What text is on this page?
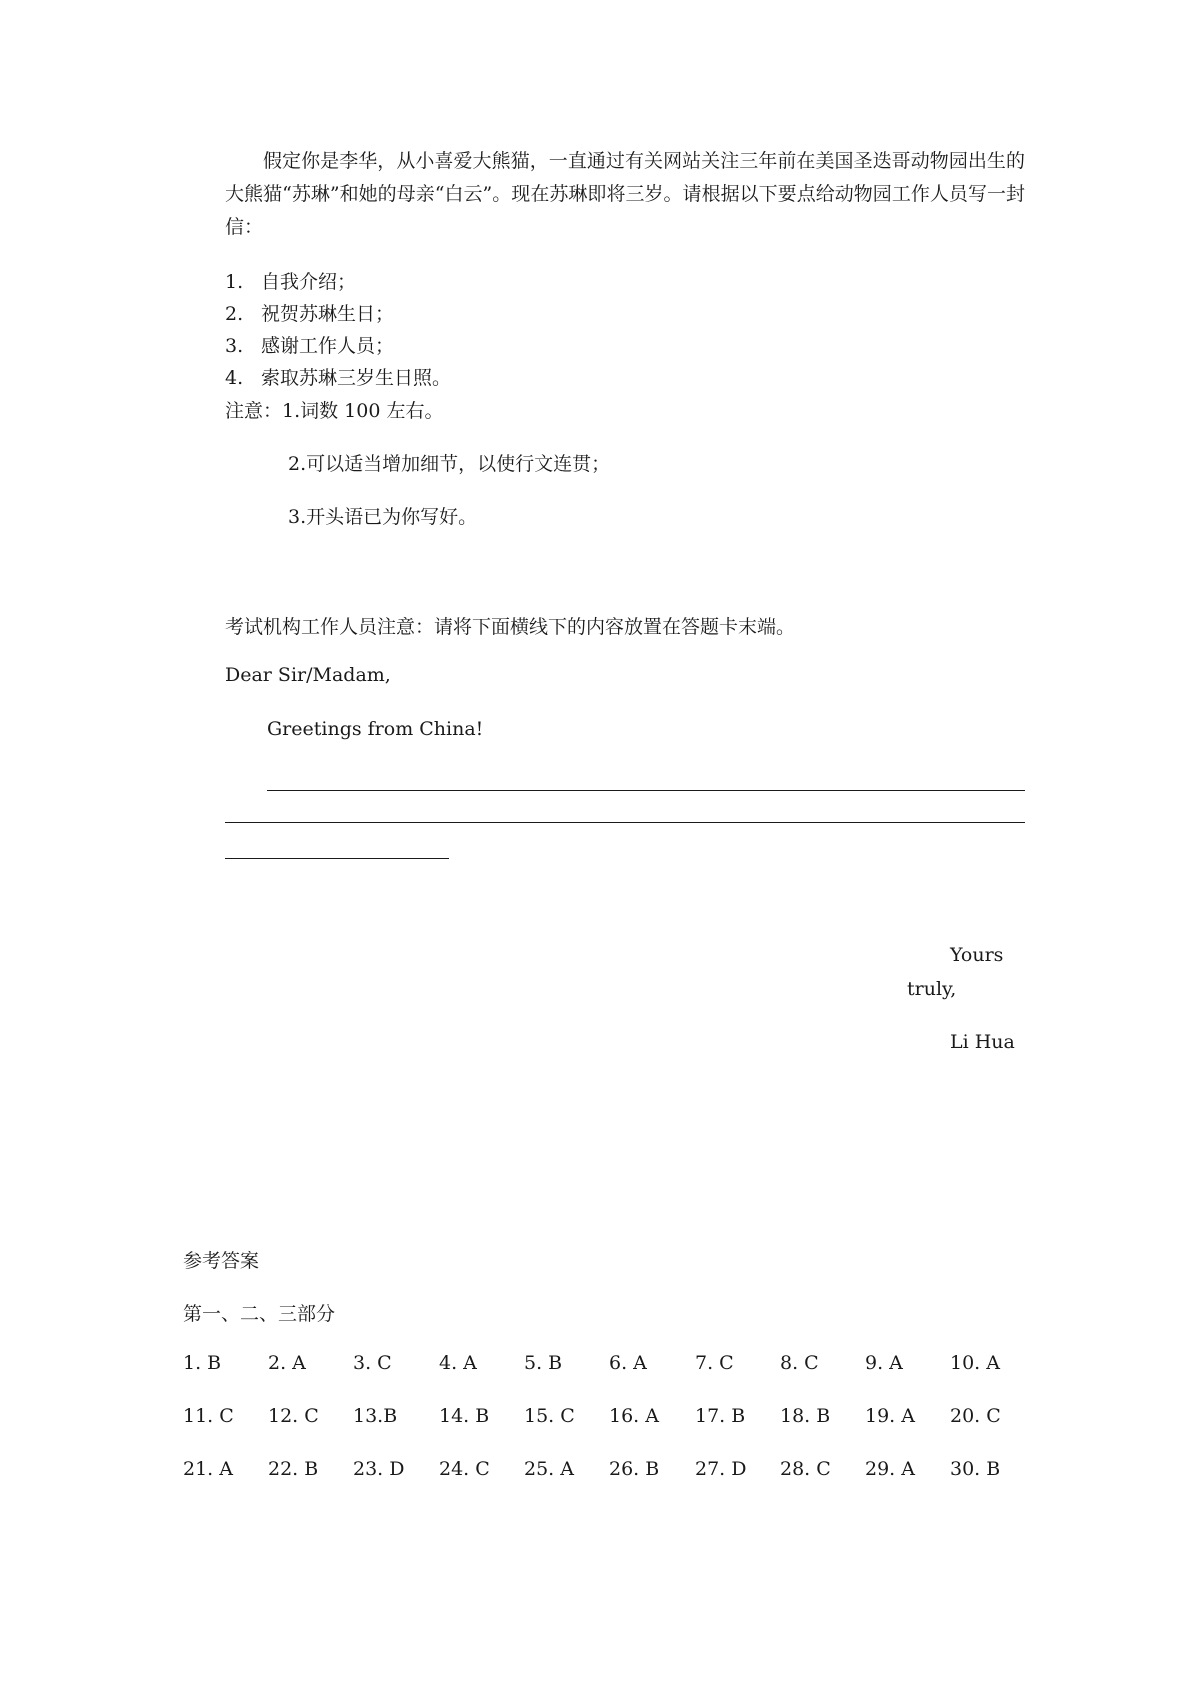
假定你是李华，从小喜爱大熊猫，一直通过有关网站关注三年前在美国圣迭哥动物园出生的大熊猫“苏琳”和她的母亲“白云”。现在苏琳即将三岁。请根据以下要点给动物园工作人员写一封信：
1. 自我介绍；
2. 祝贺苏琳生日；
3. 感谢工作人员；
4. 索取苏琳三岁生日照。
注意：1.词数 100 左右。
2.可以适当增加细节，以使行文连贯；
3.开头语已为你写好。
考试机构工作人员注意：请将下面横线下的内容放置在答题卡末端。
Dear Sir/Madam,
Greetings from China!
Yours
truly,
Li Hua
参考答案
第一、二、三部分
1. B 2. A 3. C 4. A 5. B 6. A	7. C 8. C 9. A 10. A
11. C 12. C 13.B 14. B 15. C 16. A 17. B 18. B 19. A 20. C
21. A 22. B 23. D 24. C 25. A 26. B 27. D 28. C 29. A 30. B
